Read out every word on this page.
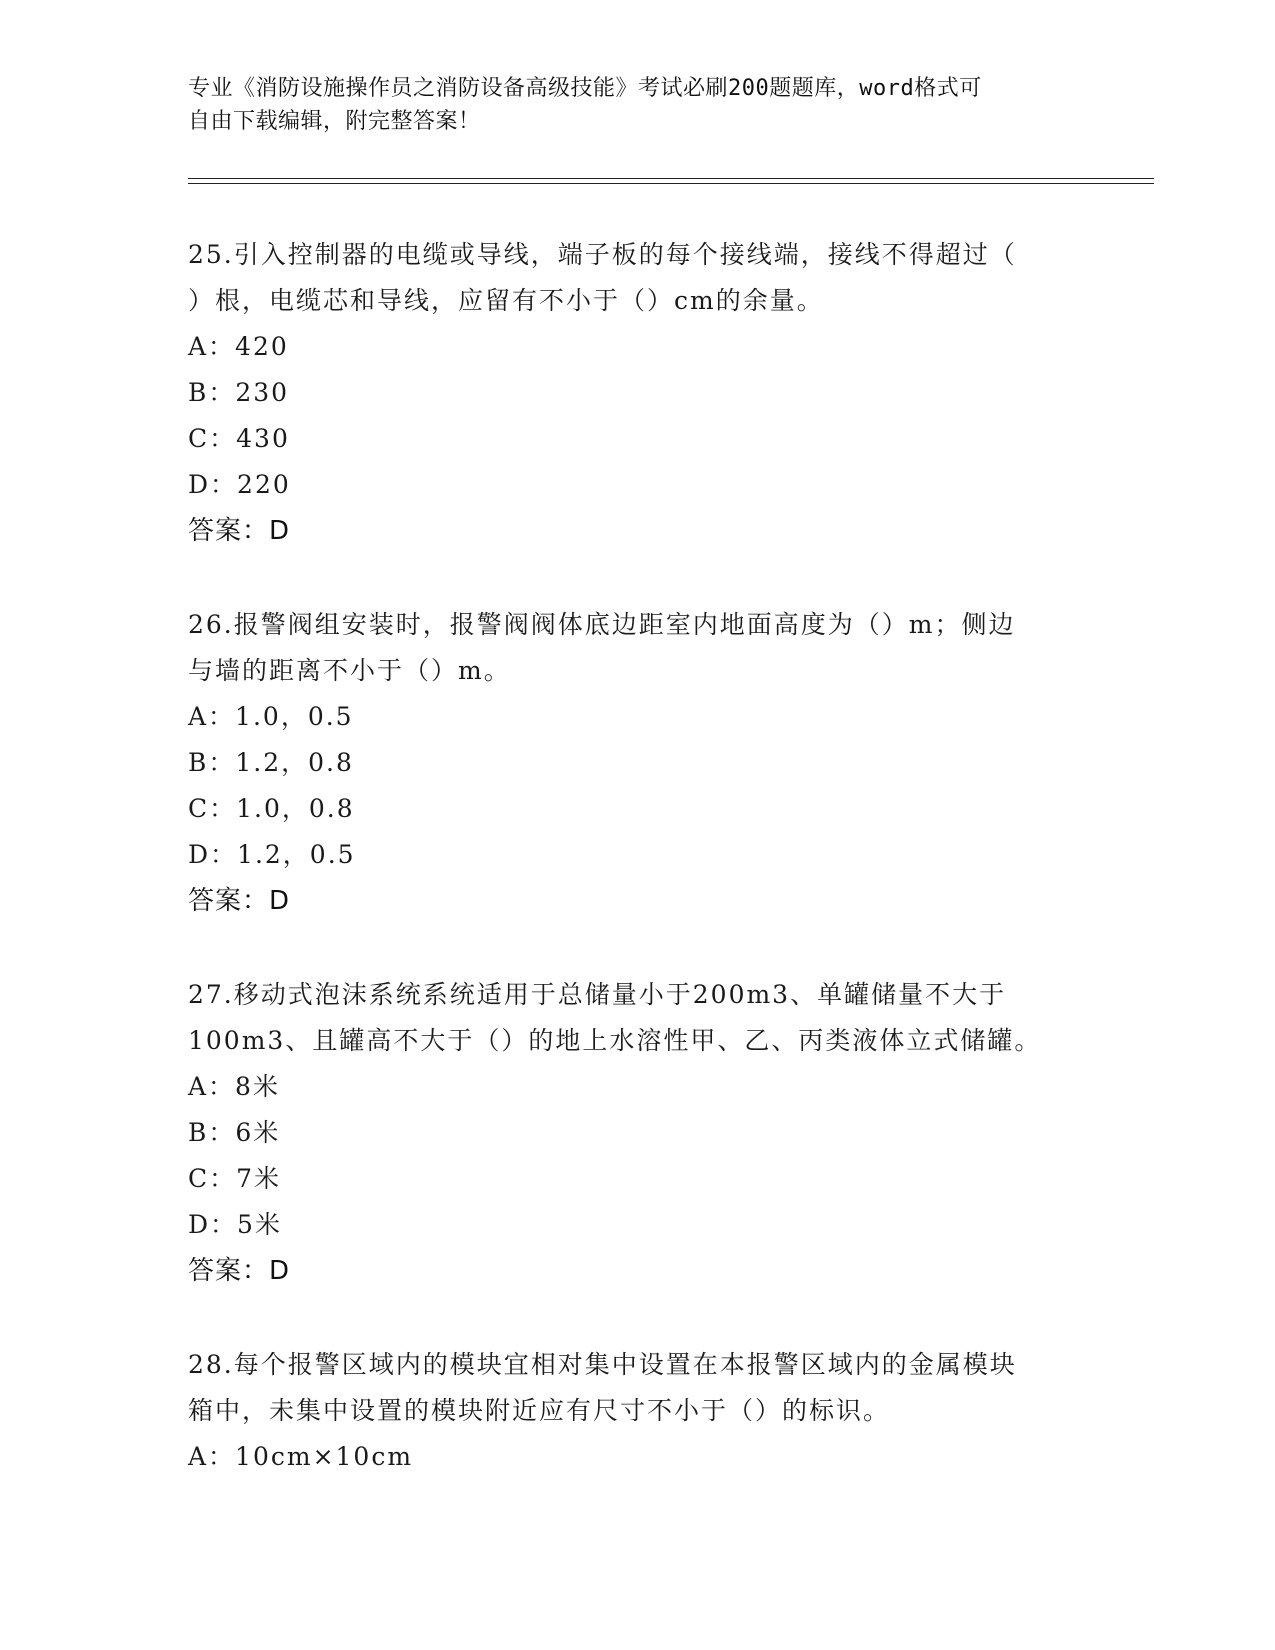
专业《消防设施操作员之消防设备高级技能》考试必刷200题题库，word格式可
自由下载编辑，附完整答案！
25.引入控制器的电缆或导线，端子板的每个接线端，接线不得超过（
）根，电缆芯和导线，应留有不小于（）cm的余量。
A：420
B：230
C：430
D：220
答案：D
26.报警阀组安装时，报警阀阀体底边距室内地面高度为（）m；侧边
与墙的距离不小于（）m。
A：1.0，0.5
B：1.2，0.8
C：1.0，0.8
D：1.2，0.5
答案：D
27.移动式泡沫系统系统适用于总储量小于200m3、单罐储量不大于
100m3、且罐高不大于（）的地上水溶性甲、乙、丙类液体立式储罐。
A：8米
B：6米
C：7米
D：5米
答案：D
28.每个报警区域内的模块宜相对集中设置在本报警区域内的金属模块
箱中，未集中设置的模块附近应有尺寸不小于（）的标识。
A：10cm×10cm
